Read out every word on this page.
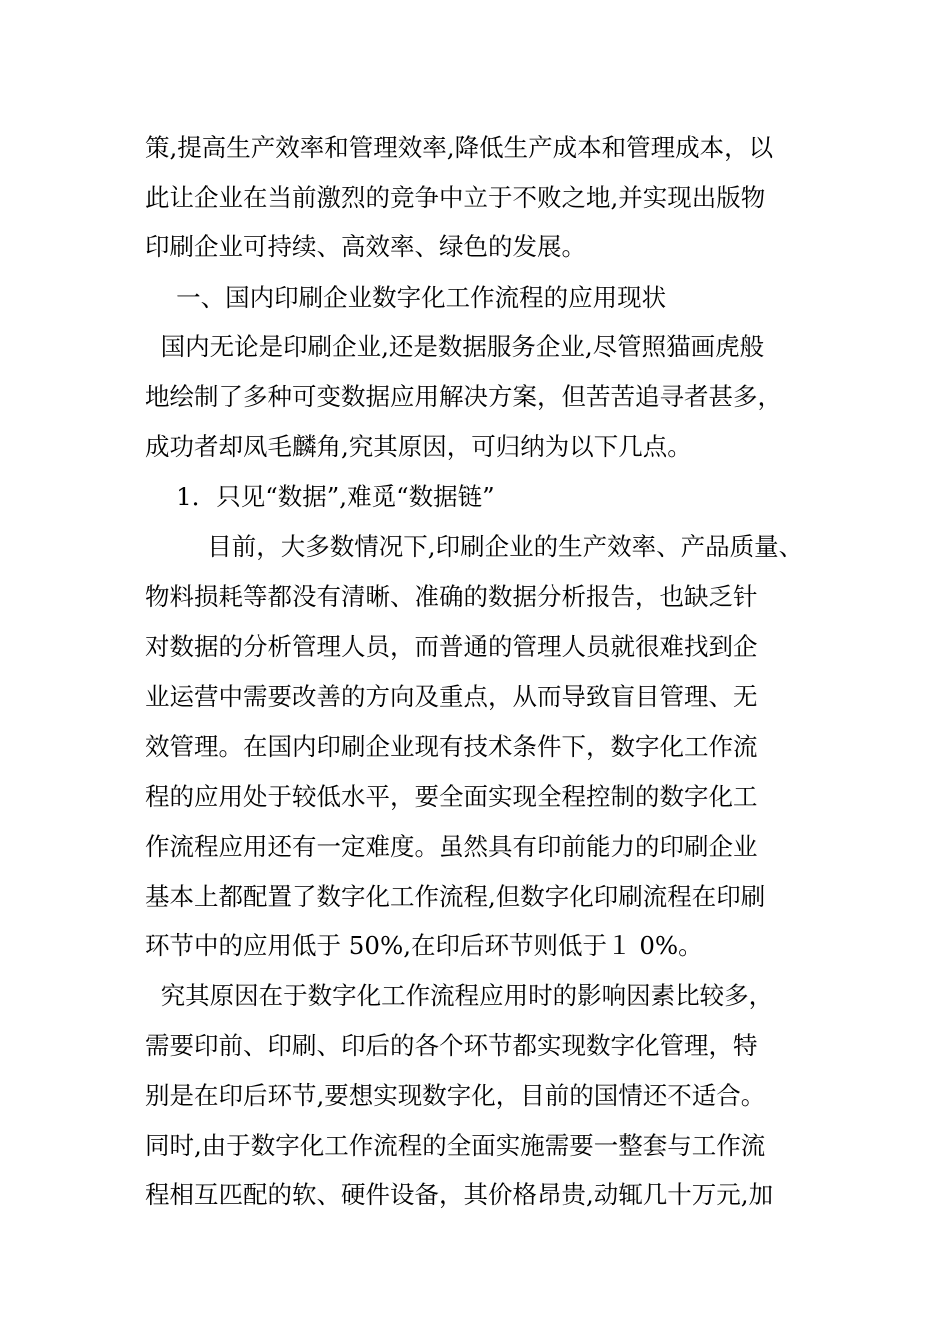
策,提高生产效率和管理效率,降低生产成本和管理成本，以
此让企业在当前激烈的竞争中立于不败之地,并实现出版物
印刷企业可持续、高效率、绿色的发展。
一、国内印刷企业数字化工作流程的应用现状
国内无论是印刷企业,还是数据服务企业,尽管照猫画虎般
地绘制了多种可变数据应用解决方案，但苦苦追寻者甚多，
成功者却凤毛麟角,究其原因，可归纳为以下几点。
1．只见“数据”,难觅“数据链”
目前，大多数情况下,印刷企业的生产效率、产品质量、
物料损耗等都没有清晰、准确的数据分析报告，也缺乏针
对数据的分析管理人员，而普通的管理人员就很难找到企
业运营中需要改善的方向及重点，从而导致盲目管理、无
效管理。在国内印刷企业现有技术条件下，数字化工作流
程的应用处于较低水平，要全面实现全程控制的数字化工
作流程应用还有一定难度。虽然具有印前能力的印刷企业
基本上都配置了数字化工作流程,但数字化印刷流程在印刷
环节中的应用低于 50%,在印后环节则低于１ 0%。
究其原因在于数字化工作流程应用时的影响因素比较多，
需要印前、印刷、印后的各个环节都实现数字化管理，特
别是在印后环节,要想实现数字化，目前的国情还不适合。
同时,由于数字化工作流程的全面实施需要一整套与工作流
程相互匹配的软、硬件设备，其价格昂贵,动辄几十万元,加
